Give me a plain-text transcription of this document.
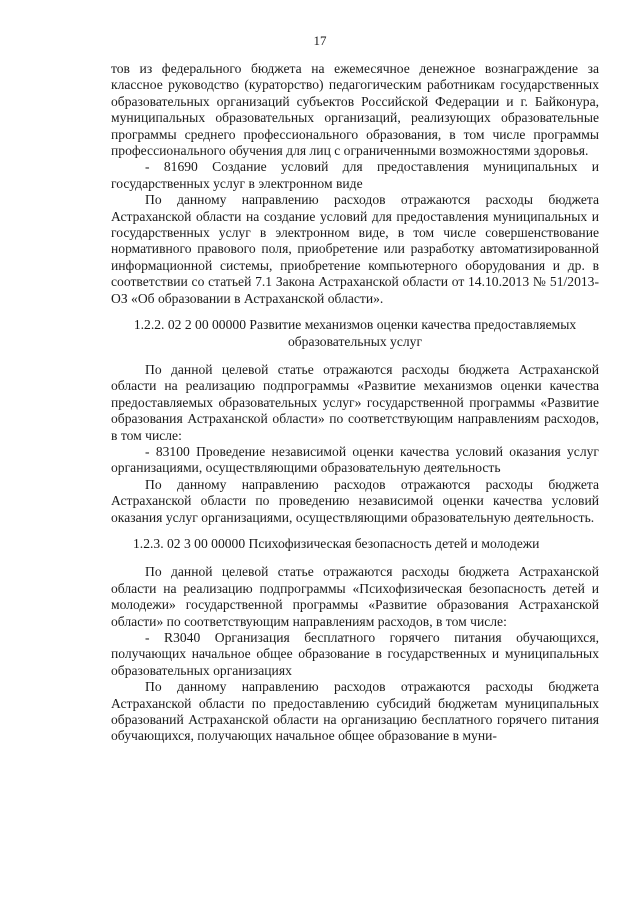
17

тов из федерального бюджета на ежемесячное денежное вознаграждение за классное руководство (кураторство) педагогическим работникам государственных образовательных организаций субъектов Российской Федерации и г. Байконура, муниципальных образовательных организаций, реализующих образовательные программы среднего профессионального образования, в том числе программы профессионального обучения для лиц с ограниченными возможностями здоровья.

- 81690 Создание условий для предоставления муниципальных и государственных услуг в электронном виде

По данному направлению расходов отражаются расходы бюджета Астраханской области на создание условий для предоставления муниципальных и государственных услуг в электронном виде, в том числе совершенствование нормативного правового поля, приобретение или разработку автоматизированной информационной системы, приобретение компьютерного оборудования и др. в соответствии со статьей 7.1 Закона Астраханской области от 14.10.2013 № 51/2013-ОЗ «Об образовании в Астраханской области».

1.2.2. 02 2 00 00000 Развитие механизмов оценки качества предоставляемых образовательных услуг

По данной целевой статье отражаются расходы бюджета Астраханской области на реализацию подпрограммы «Развитие механизмов оценки качества предоставляемых образовательных услуг» государственной программы «Развитие образования Астраханской области» по соответствующим направлениям расходов, в том числе:

- 83100 Проведение независимой оценки качества условий оказания услуг организациями, осуществляющими образовательную деятельность

По данному направлению расходов отражаются расходы бюджета Астраханской области по проведению независимой оценки качества условий оказания услуг организациями, осуществляющими образовательную деятельность.

1.2.3. 02 3 00 00000 Психофизическая безопасность детей и молодежи

По данной целевой статье отражаются расходы бюджета Астраханской области на реализацию подпрограммы «Психофизическая безопасность детей и молодежи» государственной программы «Развитие образования Астраханской области» по соответствующим направлениям расходов, в том числе:

- R3040 Организация бесплатного горячего питания обучающихся, получающих начальное общее образование в государственных и муниципальных образовательных организациях

По данному направлению расходов отражаются расходы бюджета Астраханской области по предоставлению субсидий бюджетам муниципальных образований Астраханской области на организацию бесплатного горячего питания обучающихся, получающих начальное общее образование в муни-
